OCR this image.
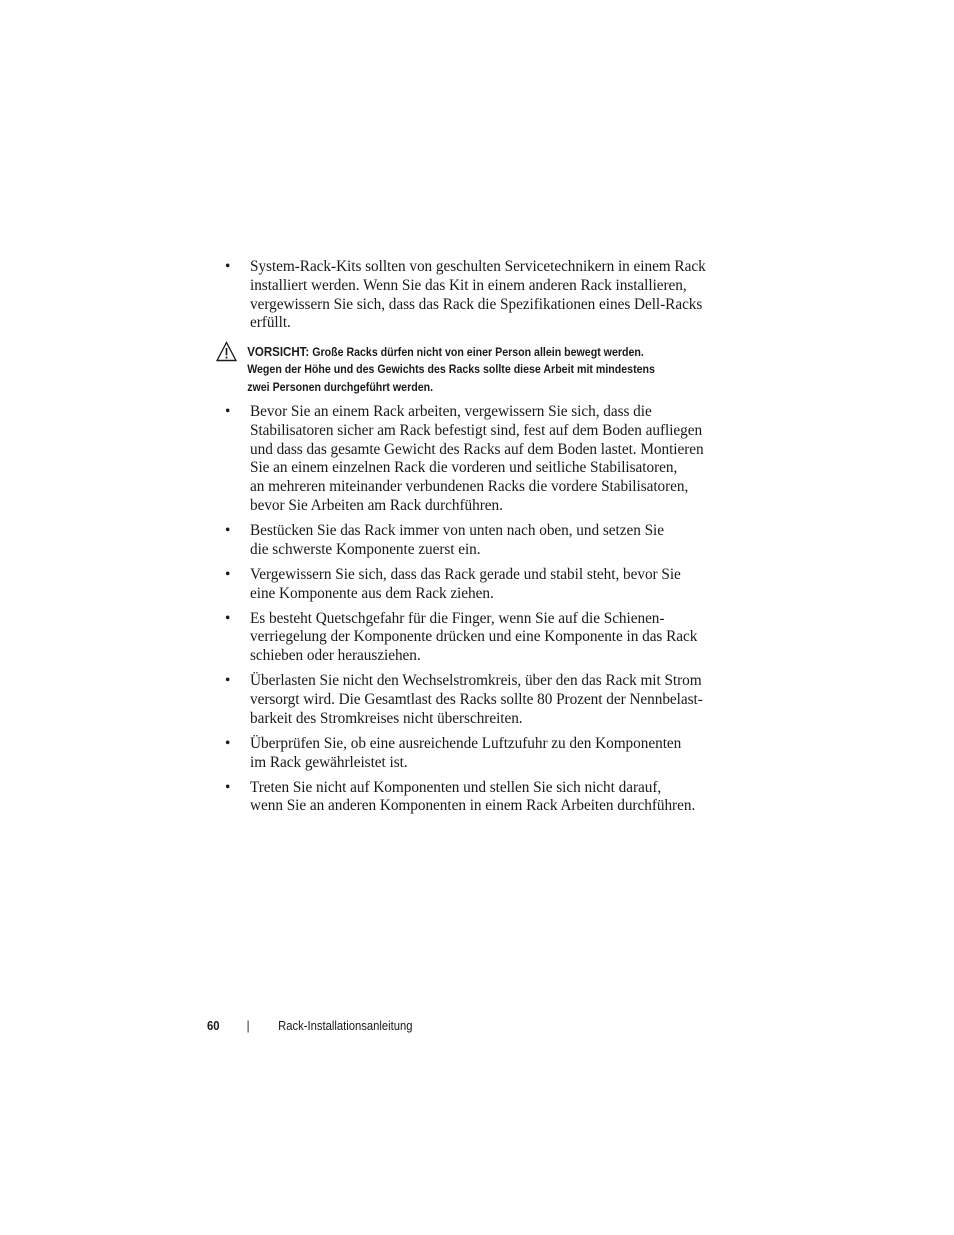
• System-Rack-Kits sollten von geschulten Servicetechnikern in einem Rack
installiert werden. Wenn Sie das Kit in einem anderen Rack installieren,
vergewissern Sie sich, dass das Rack die Spezifikationen eines Dell-Racks
erfüllt.
VORSICHT: Große Racks dürfen nicht von einer Person allein bewegt werden.
Wegen der Höhe und des Gewichts des Racks sollte diese Arbeit mit mindestens
zwei Personen durchgeführt werden.
• Bevor Sie an einem Rack arbeiten, vergewissern Sie sich, dass die
Stabilisatoren sicher am Rack befestigt sind, fest auf dem Boden aufliegen
und dass das gesamte Gewicht des Racks auf dem Boden lastet. Montieren
Sie an einem einzelnen Rack die vorderen und seitliche Stabilisatoren,
an mehreren miteinander verbundenen Racks die vordere Stabilisatoren,
bevor Sie Arbeiten am Rack durchführen.
• Bestücken Sie das Rack immer von unten nach oben, und setzen Sie
die schwerste Komponente zuerst ein.
• Vergewissern Sie sich, dass das Rack gerade und stabil steht, bevor Sie
eine Komponente aus dem Rack ziehen.
• Es besteht Quetschgefahr für die Finger, wenn Sie auf die Schienen-
verriegelung der Komponente drücken und eine Komponente in das Rack
schieben oder herausziehen.
• Überlasten Sie nicht den Wechselstromkreis, über den das Rack mit Strom
versorgt wird. Die Gesamtlast des Racks sollte 80 Prozent der Nennbelast-
barkeit des Stromkreises nicht überschreiten.
• Überprüfen Sie, ob eine ausreichende Luftzufuhr zu den Komponenten
im Rack gewährleistet ist.
• Treten Sie nicht auf Komponenten und stellen Sie sich nicht darauf,
wenn Sie an anderen Komponenten in einem Rack Arbeiten durchführen.
60 | Rack-Installationsanleitung
